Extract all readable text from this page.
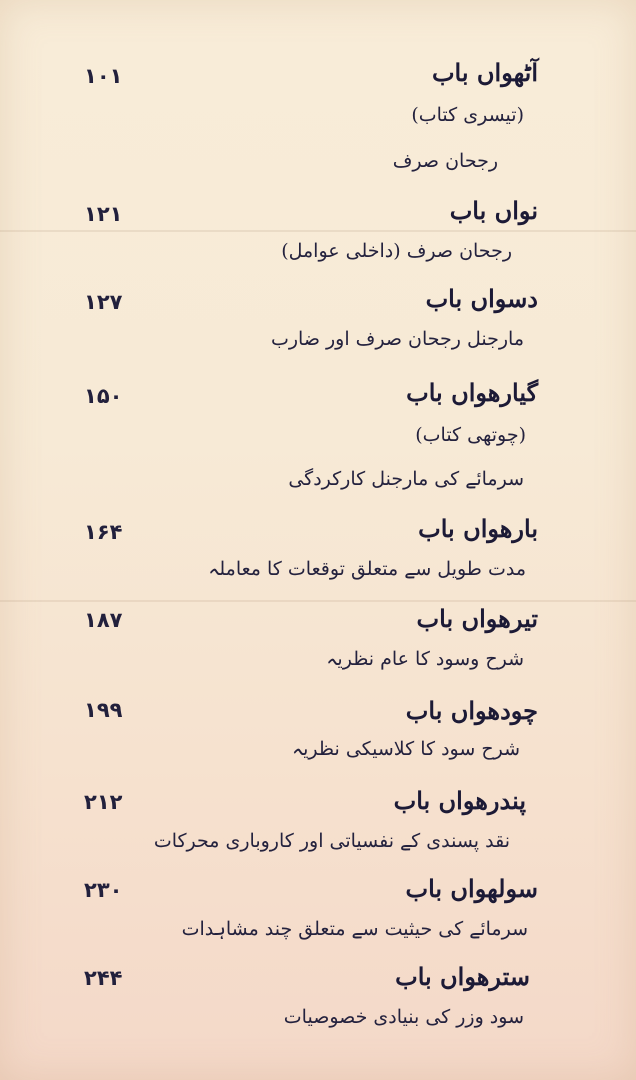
آٹھواں باب
۱۰۱
(تیسری کتاب)
رجحان صرف
نواں باب
۱۲۱
رجحان صرف (داخلی عوامل)
دسواں باب
۱۲۷
مارجنل رجحان صرف اور ضارب
گیارھواں باب
۱۵۰
(چوتھی کتاب)
سرمائے کی مارجنل کارکردگی
بارھواں باب
۱۶۴
مدت طویل سے متعلق توقعات کا معاملہ
تیرھواں باب
۱۸۷
شرح وسود کا عام نظریہ
چودھواں باب
۱۹۹
شرح سود کا کلاسیکی نظریہ
پندرھواں باب
۲۱۲
نقد پسندی کے نفسیاتی اور کاروباری محرکات
سولھواں باب
۲۳۰
سرمائے کی حیثیت سے متعلق چند مشاہدات
سترھواں باب
۲۴۴
سود وزر کی بنیادی خصوصیات
